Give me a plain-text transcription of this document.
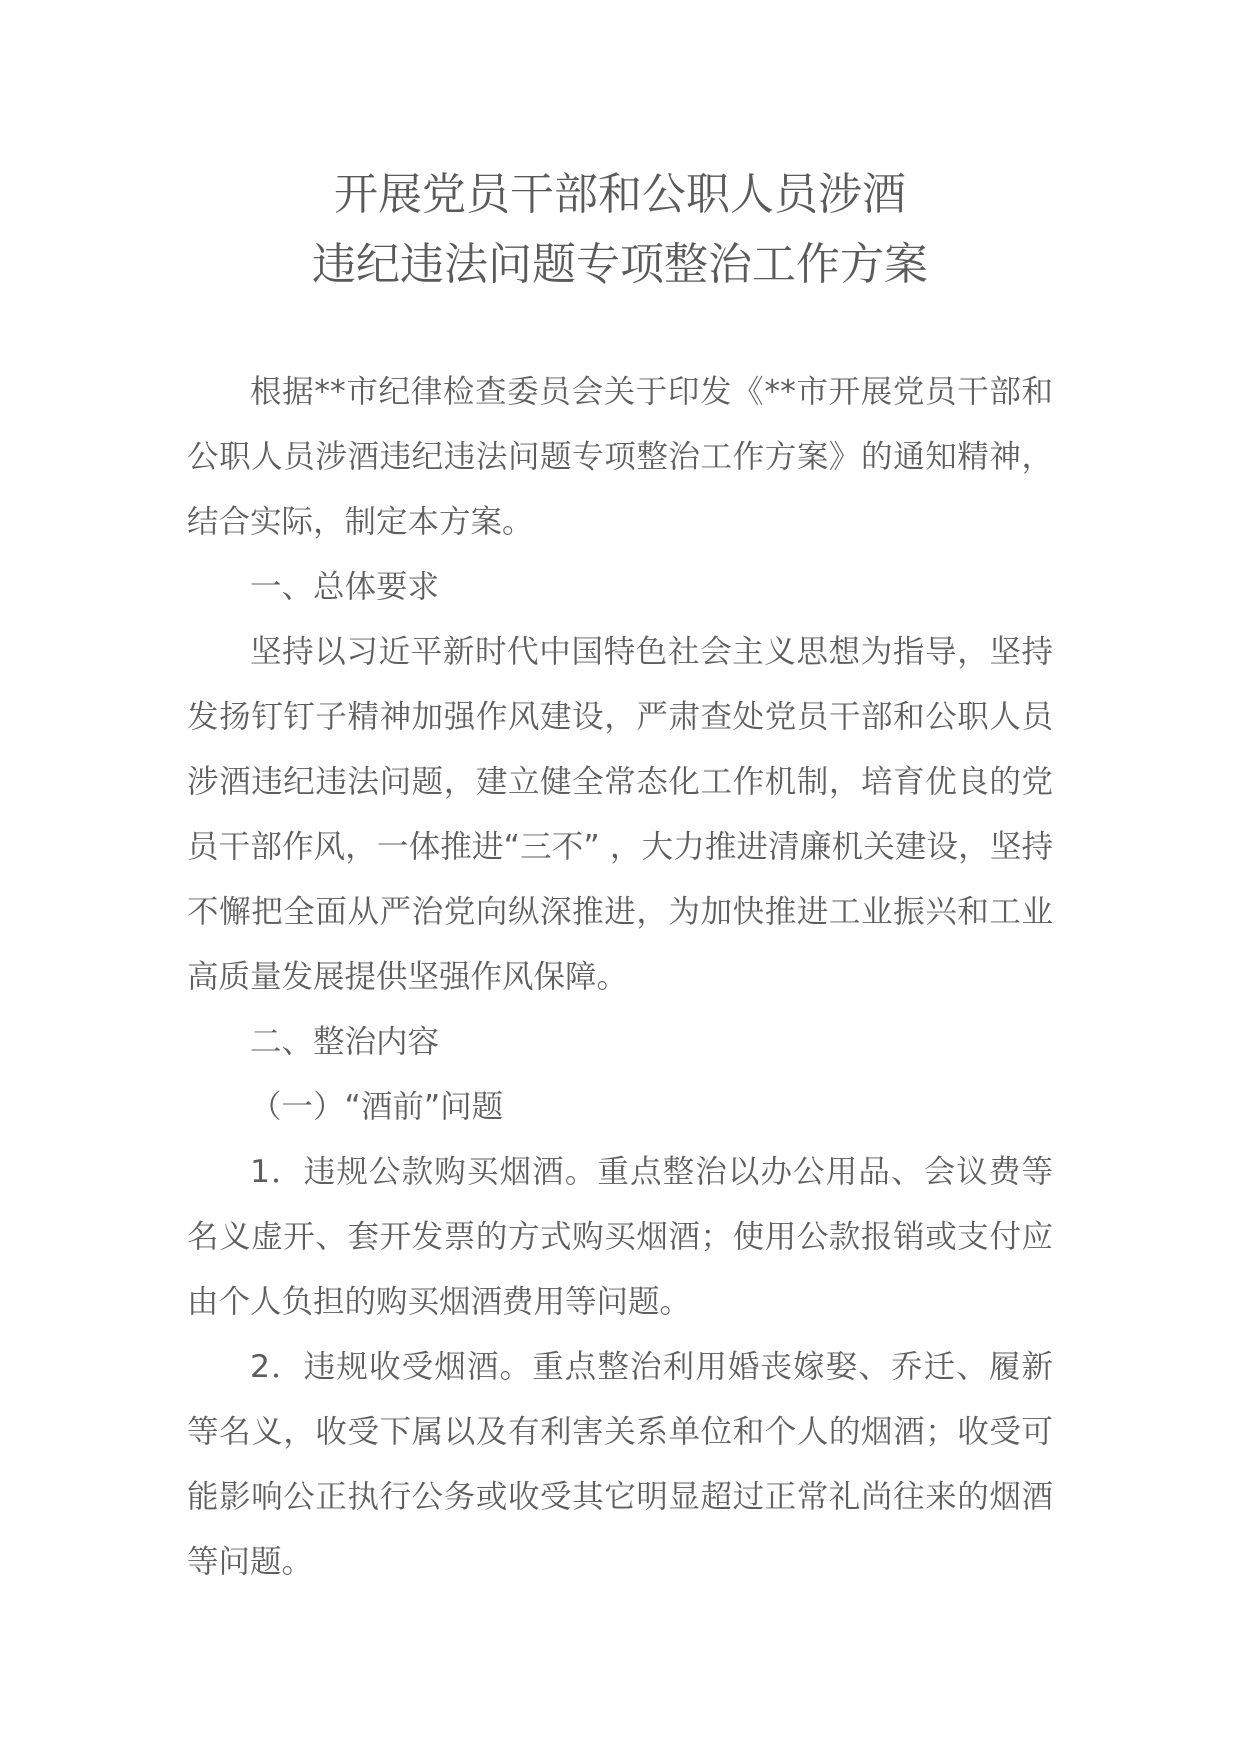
开展党员干部和公职人员涉酒
违纪违法问题专项整治工作方案

根据**市纪律检查委员会关于印发《**市开展党员干部和公职人员涉酒违纪违法问题专项整治工作方案》的通知精神，结合实际，制定本方案。

一、总体要求

坚持以习近平新时代中国特色社会主义思想为指导，坚持发扬钉钉子精神加强作风建设，严肃查处党员干部和公职人员涉酒违纪违法问题，建立健全常态化工作机制，培育优良的党员干部作风，一体推进“三不” ，大力推进清廉机关建设，坚持不懈把全面从严治党向纵深推进，为加快推进工业振兴和工业高质量发展提供坚强作风保障。

二、整治内容

（一）“酒前”问题

1．违规公款购买烟酒。重点整治以办公用品、会议费等名义虚开、套开发票的方式购买烟酒；使用公款报销或支付应由个人负担的购买烟酒费用等问题。

2．违规收受烟酒。重点整治利用婚丧嫁娶、乔迁、履新等名义，收受下属以及有利害关系单位和个人的烟酒；收受可能影响公正执行公务或收受其它明显超过正常礼尚往来的烟酒等问题。
